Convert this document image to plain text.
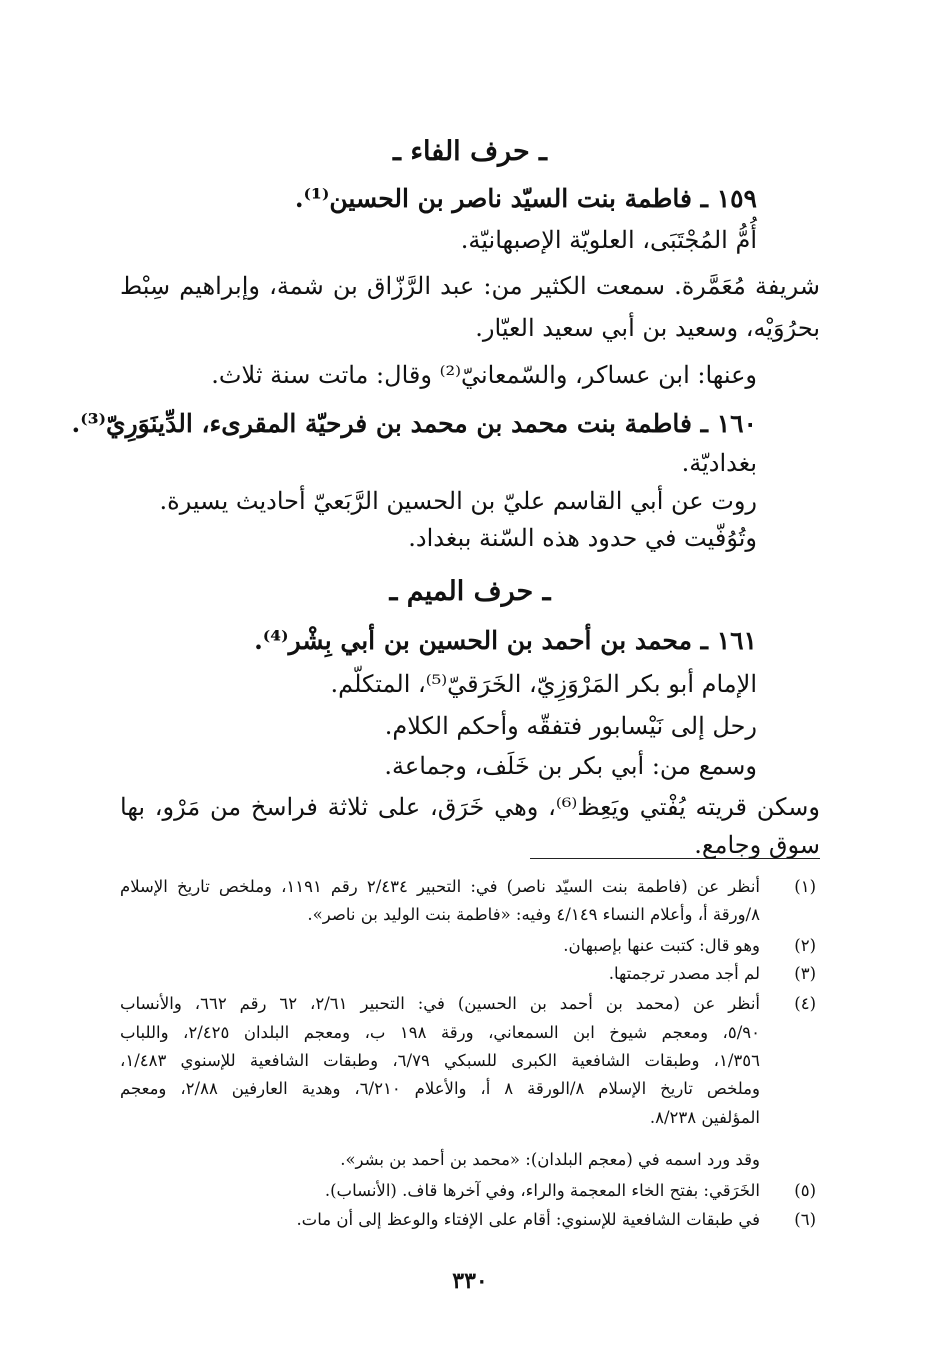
ـ حرف الفاء ـ
١٥٩ ـ فاطمة بنت السيّد ناصر بن الحسين⁽¹⁾.
أُمُّ المُجْتَبَى، العلويّة الإصبهانيّة.
شريفة مُعَمَّرة. سمعت الكثير من: عبد الرَّزّاق بن شمة، وإبراهيم سِبْط
بحرُوَيْه، وسعيد بن أبي سعيد العيّار.
وعنها: ابن عساكر، والسّمعانيّ⁽²⁾ وقال: ماتت سنة ثلاث.
١٦٠ ـ فاطمة بنت محمد بن محمد بن فرحيّة المقرىء، الدِّينَوَرِيّ⁽³⁾.
بغداديّة.
روت عن أبي القاسم عليّ بن الحسين الرَّبَعيّ أحاديث يسيرة.
وتُوُفّيت في حدود هذه السّنة ببغداد.
ـ حرف الميم ـ
١٦١ ـ محمد بن أحمد بن الحسين بن أبي بِشْر⁽⁴⁾.
الإمام أبو بكر المَرْوَزِيّ، الخَرَقيّ⁽⁵⁾، المتكلّم.
رحل إلى نَيْسابور فتفقّه وأحكم الكلام.
وسمع من: أبي بكر بن خَلَف، وجماعة.
وسكن قريته يُفْتي ويَعِظ⁽⁶⁾، وهي خَرَق، على ثلاثة فراسخ من مَرْو، بها
سوق وجامع.
(١)
أنظر عن (فاطمة بنت السيّد ناصر) في: التحبير ٢/٤٣٤ رقم ١١٩١، وملخص تاريخ الإسلام
٨/ورقة أ، وأعلام النساء ٤/١٤٩ وفيه: «فاطمة بنت الوليد بن ناصر».
(٢)
وهو قال: كتبت عنها بإصبهان.
(٣)
لم أجد مصدر ترجمتها.
(٤)
أنظر عن (محمد بن أحمد بن الحسين) في: التحبير ٢/٦١، ٦٢ رقم ٦٦٢، والأنساب
٥/٩٠، ومعجم شيوخ ابن السمعاني، ورقة ١٩٨ ب، ومعجم البلدان ٢/٤٢٥، واللباب
١/٣٥٦، وطبقات الشافعية الكبرى للسبكي ٦/٧٩، وطبقات الشافعية للإسنوي ١/٤٨٣،
وملخص تاريخ الإسلام ٨/الورقة ٨ أ، والأعلام ٦/٢١٠، وهدية العارفين ٢/٨٨، ومعجم
المؤلفين ٨/٢٣٨.
وقد ورد اسمه في (معجم البلدان): «محمد بن أحمد بن بشر».
(٥)
الخَرَقي: بفتح الخاء المعجمة والراء، وفي آخرها قاف. (الأنساب).
(٦)
في طبقات الشافعية للإسنوي: أقام على الإفتاء والوعظ إلى أن مات.
٣٣٠
